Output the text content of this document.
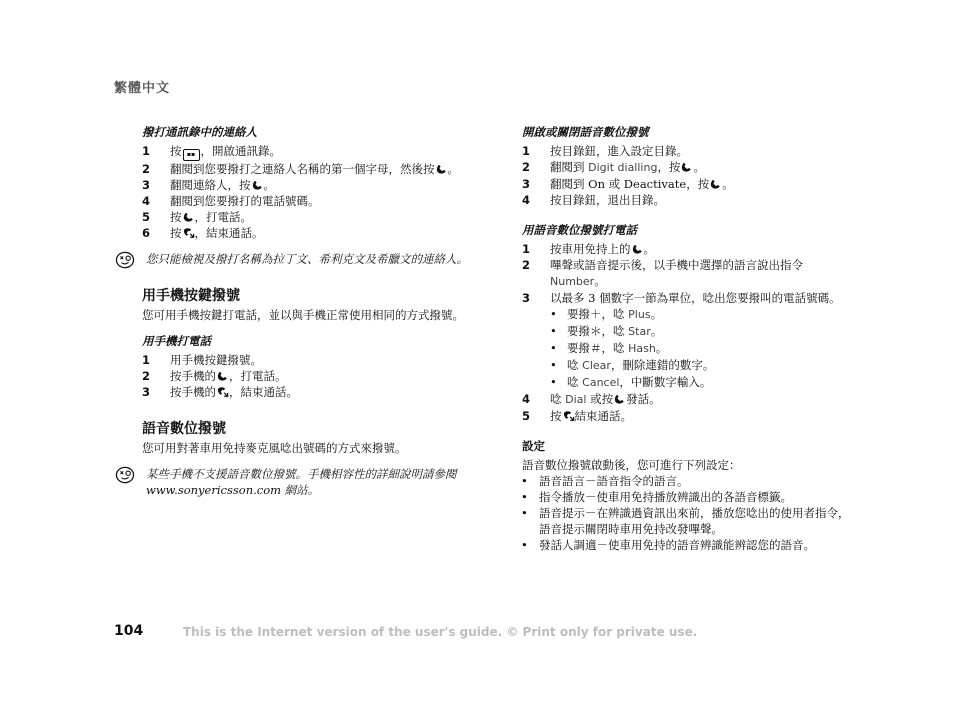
繁體中文
撥打通訊錄中的連絡人
1 按 ▪▪ ，開啟通訊錄。
2 翻閱到您要撥打之連絡人名稱的第一個字母，然後按 。
3 翻閱連絡人，按 。
4 翻閱到您要撥打的電話號碼。
5 按 ，打電話。
6 按 ，結束通話。
您只能檢視及撥打名稱為拉丁文、希利克文及希臘文的連絡人。
用手機按鍵撥號

您可用手機按鍵打電話，並以與手機正常使用相同的方式撥號。

用手機打電話
1 用手機按鍵撥號。
2 按手機的 ，打電話。
3 按手機的 ，結束通話。
語音數位撥號

您可用對著車用免持麥克風唸出號碼的方式來撥號。

某些手機不支援語音數位撥號。手機相容性的詳細說明請參閱www.sonyericsson.com 網站。
開啟或關閉語音數位撥號
1 按目錄鈕，進入設定目錄。
2 翻閱到 Digit dialling，按 。
3 翻閱到 On 或 Deactivate，按 。
4 按目錄鈕，退出目錄。
用語音數位撥號打電話
1 按車用免持上的 。
2 嗶聲或語音提示後，以手機中選擇的語言說出指令 Number。
3 以最多 3 個數字一節為單位，唸出您要撥叫的電話號碼。
• 要撥＋，唸 Plus。
• 要撥＊，唸 Star。
• 要撥＃，唸 Hash。
• 唸 Clear，刪除連錯的數字。
• 唸 Cancel，中斷數字輸入。
4 唸 Dial 或按 發話。
5 按 結束通話。
設定

語音數位撥號啟動後，您可進行下列設定：

• 語音語言－語音指令的語言。
• 指令播放－使車用免持播放辨識出的各語音標籤。
• 語音提示－在辨識過資訊出來前，播放您唸出的使用者指令，語音提示關閉時車用免持改發嗶聲。
• 發話人調適－使車用免持的語音辨識能辨認您的語音。
104	This is the Internet version of the user's guide. © Print only for private use.
